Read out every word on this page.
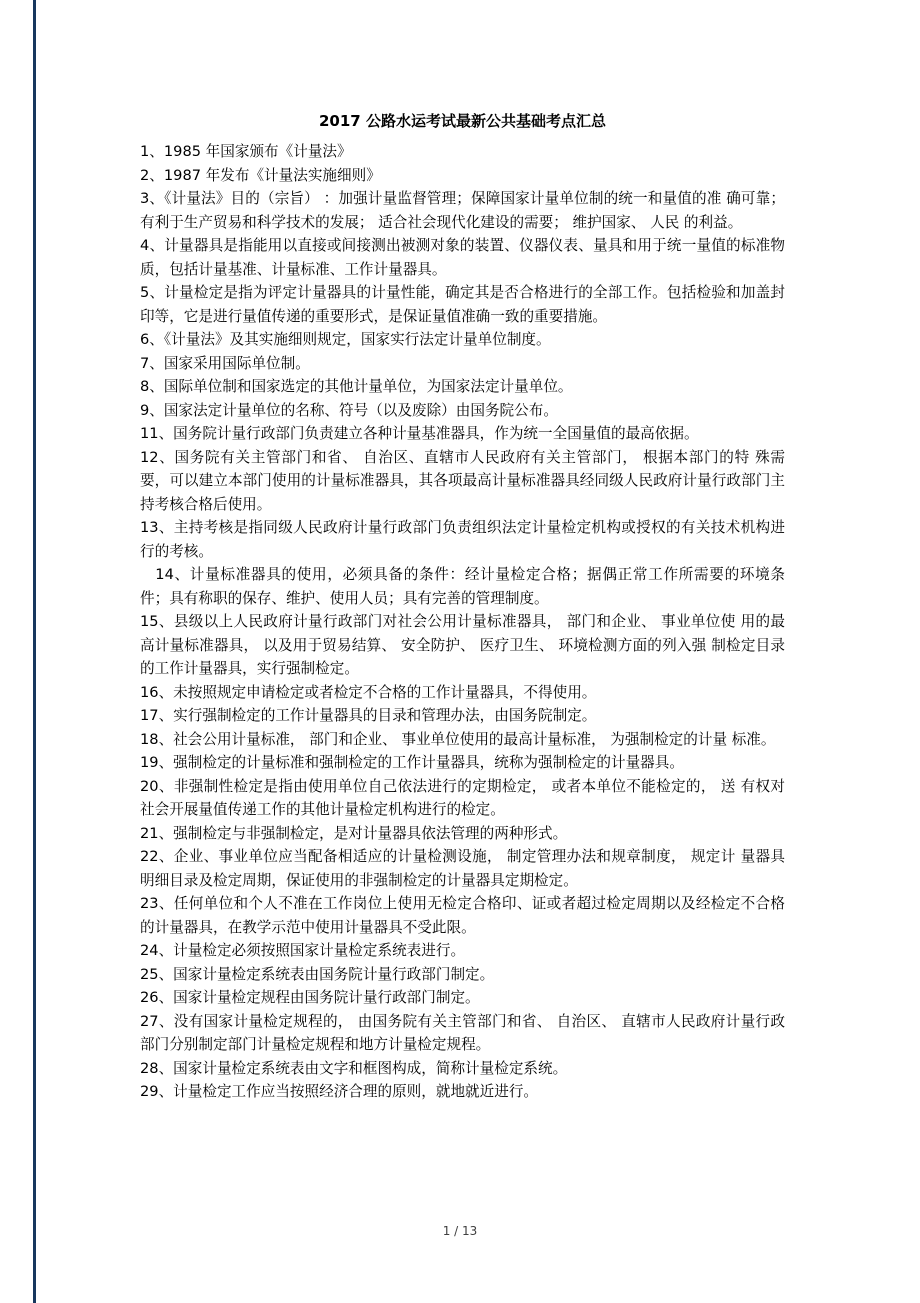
2017 公路水运考试最新公共基础考点汇总

1、1985 年国家颁布《计量法》

2、1987 年发布《计量法实施细则》

3、《计量法》目的（宗旨） ：加强计量监督管理；保障国家计量单位制的统一和量值的准 确可靠；有利于生产贸易和科学技术的发展； 适合社会现代化建设的需要； 维护国家、 人民 的利益。

4、计量器具是指能用以直接或间接测出被测对象的装置、仪器仪表、量具和用于统一量值的标准物质，包括计量基准、计量标准、工作计量器具。

5、计量检定是指为评定计量器具的计量性能，确定其是否合格进行的全部工作。包括检验和加盖封印等，它是进行量值传递的重要形式，是保证量值准确一致的重要措施。

6、《计量法》及其实施细则规定，国家实行法定计量单位制度。

7、国家采用国际单位制。

8、国际单位制和国家选定的其他计量单位，为国家法定计量单位。

9、国家法定计量单位的名称、符号（以及废除）由国务院公布。

11、国务院计量行政部门负责建立各种计量基准器具，作为统一全国量值的最高依据。

12、国务院有关主管部门和省、 自治区、直辖市人民政府有关主管部门， 根据本部门的特 殊需要，可以建立本部门使用的计量标准器具，其各项最高计量标准器具经同级人民政府计量行政部门主持考核合格后使用。

13、主持考核是指同级人民政府计量行政部门负责组织法定计量检定机构或授权的有关技术机构进行的考核。

　14、计量标准器具的使用，必须具备的条件：经计量检定合格；据偶正常工作所需要的环境条件；具有称职的保存、维护、使用人员；具有完善的管理制度。

15、县级以上人民政府计量行政部门对社会公用计量标准器具， 部门和企业、 事业单位使 用的最高计量标准器具， 以及用于贸易结算、 安全防护、 医疗卫生、 环境检测方面的列入强 制检定目录的工作计量器具，实行强制检定。

16、未按照规定申请检定或者检定不合格的工作计量器具，不得使用。

17、实行强制检定的工作计量器具的目录和管理办法，由国务院制定。

18、社会公用计量标准， 部门和企业、 事业单位使用的最高计量标准， 为强制检定的计量 标准。

19、强制检定的计量标准和强制检定的工作计量器具，统称为强制检定的计量器具。

20、非强制性检定是指由使用单位自己依法进行的定期检定， 或者本单位不能检定的， 送 有权对社会开展量值传递工作的其他计量检定机构进行的检定。

21、强制检定与非强制检定，是对计量器具依法管理的两种形式。

22、企业、事业单位应当配备相适应的计量检测设施， 制定管理办法和规章制度， 规定计 量器具明细目录及检定周期，保证使用的非强制检定的计量器具定期检定。

23、任何单位和个人不准在工作岗位上使用无检定合格印、证或者超过检定周期以及经检定不合格的计量器具，在教学示范中使用计量器具不受此限。

24、计量检定必须按照国家计量检定系统表进行。

25、国家计量检定系统表由国务院计量行政部门制定。

26、国家计量检定规程由国务院计量行政部门制定。

27、没有国家计量检定规程的， 由国务院有关主管部门和省、 自治区、 直辖市人民政府计量行政部门分别制定部门计量检定规程和地方计量检定规程。

28、国家计量检定系统表由文字和框图构成，简称计量检定系统。

29、计量检定工作应当按照经济合理的原则，就地就近进行。

1 / 13
